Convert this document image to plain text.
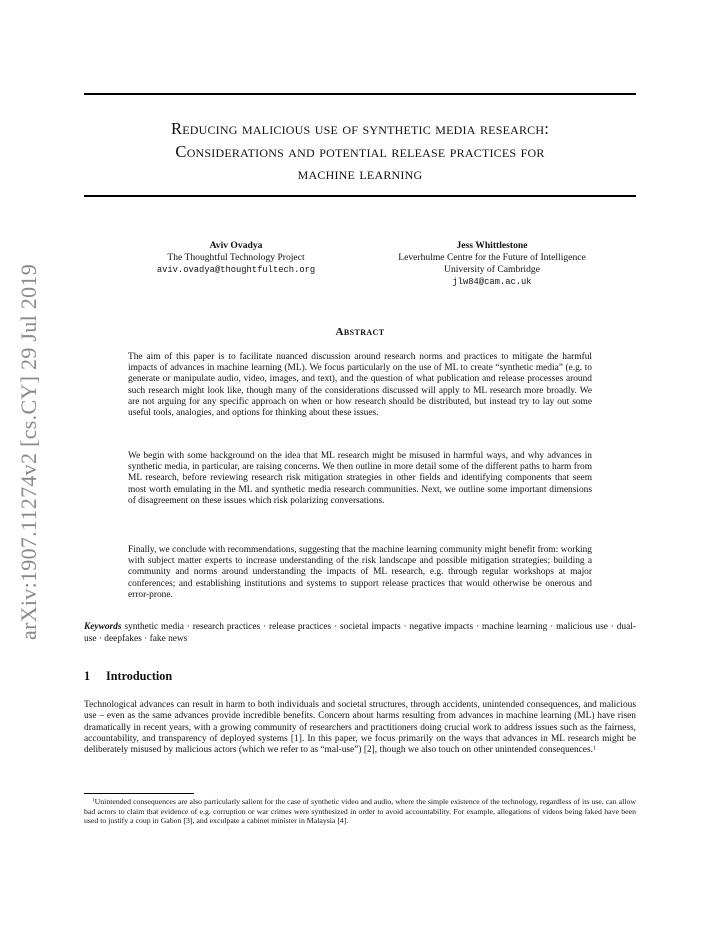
arXiv:1907.11274v2 [cs.CY] 29 Jul 2019
Reducing malicious use of synthetic media research:
Considerations and potential release practices for
machine learning
Aviv Ovadya
The Thoughtful Technology Project
aviv.ovadya@thoughtfultech.org
Jess Whittlestone
Leverhulme Centre for the Future of Intelligence
University of Cambridge
jlw84@cam.ac.uk
Abstract

The aim of this paper is to facilitate nuanced discussion around research norms and practices to mitigate the harmful impacts of advances in machine learning (ML). We focus particularly on the use of ML to create “synthetic media” (e.g. to generate or manipulate audio, video, images, and text), and the question of what publication and release processes around such research might look like, though many of the considerations discussed will apply to ML research more broadly. We are not arguing for any specific approach on when or how research should be distributed, but instead try to lay out some useful tools, analogies, and options for thinking about these issues.

We begin with some background on the idea that ML research might be misused in harmful ways, and why advances in synthetic media, in particular, are raising concerns. We then outline in more detail some of the different paths to harm from ML research, before reviewing research risk mitigation strategies in other fields and identifying components that seem most worth emulating in the ML and synthetic media research communities. Next, we outline some important dimensions of disagreement on these issues which risk polarizing conversations.

Finally, we conclude with recommendations, suggesting that the machine learning community might benefit from: working with subject matter experts to increase understanding of the risk landscape and possible mitigation strategies; building a community and norms around understanding the impacts of ML research, e.g. through regular workshops at major conferences; and establishing institutions and systems to support release practices that would otherwise be onerous and error-prone.

Keywords synthetic media · research practices · release practices · societal impacts · negative impacts · machine learning · malicious use · dual-use · deepfakes · fake news
1 Introduction

Technological advances can result in harm to both individuals and societal structures, through accidents, unintended consequences, and malicious use – even as the same advances provide incredible benefits. Concern about harms resulting from advances in machine learning (ML) have risen dramatically in recent years, with a growing community of researchers and practitioners doing crucial work to address issues such as the fairness, accountability, and transparency of deployed systems [1]. In this paper, we focus primarily on the ways that advances in ML research might be deliberately misused by malicious actors (which we refer to as “mal-use”) [2], though we also touch on other unintended consequences.$^1$

$^1$Unintended consequences are also particularly salient for the case of synthetic video and audio, where the simple existence of the technology, regardless of its use, can allow bad actors to claim that evidence of e.g. corruption or war crimes were synthesized in order to avoid accountability. For example, allegations of videos being faked have been used to justify a coup in Gabon [3], and exculpate a cabinet minister in Malaysia [4].
